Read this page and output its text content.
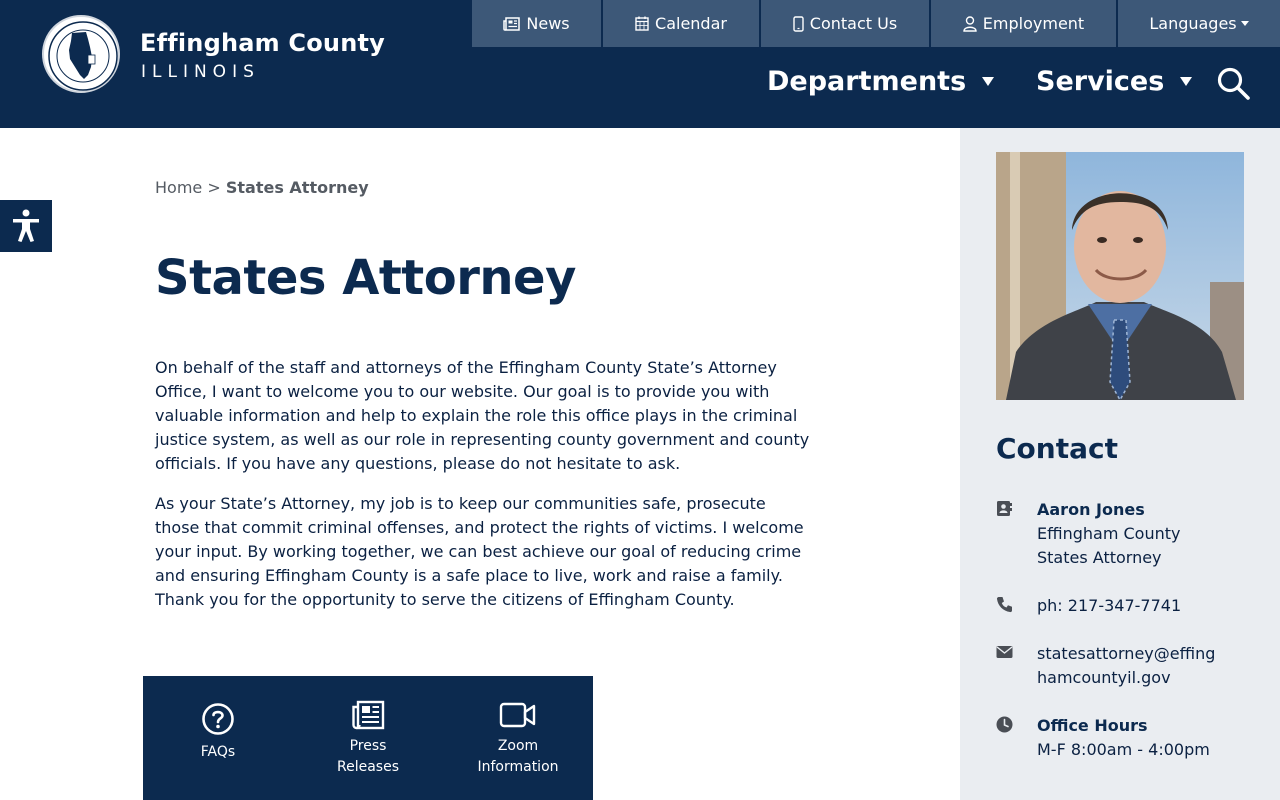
Effingham County
ILLINOIS
News	Calendar	Contact Us	Employment	Languages
Departments	Services
Home > States Attorney
States Attorney

On behalf of the staff and attorneys of the Effingham County State’s Attorney Office, I want to welcome you to our website. Our goal is to provide you with valuable information and help to explain the role this office plays in the criminal justice system, as well as our role in representing county government and county officials. If you have any questions, please do not hesitate to ask.

As your State’s Attorney, my job is to keep our communities safe, prosecute those that commit criminal offenses, and protect the rights of victims. I welcome your input. By working together, we can best achieve our goal of reducing crime and ensuring Effingham County is a safe place to live, work and raise a family. Thank you for the opportunity to serve the citizens of Effingham County.

FAQs	Press
Releases
Zoom
Information
Contact
Aaron Jones
Effingham County
States Attorney
ph: 217-347-7741
statesattorney@effing
hamcountyil.gov
Office Hours
M-F 8:00am - 4:00pm
